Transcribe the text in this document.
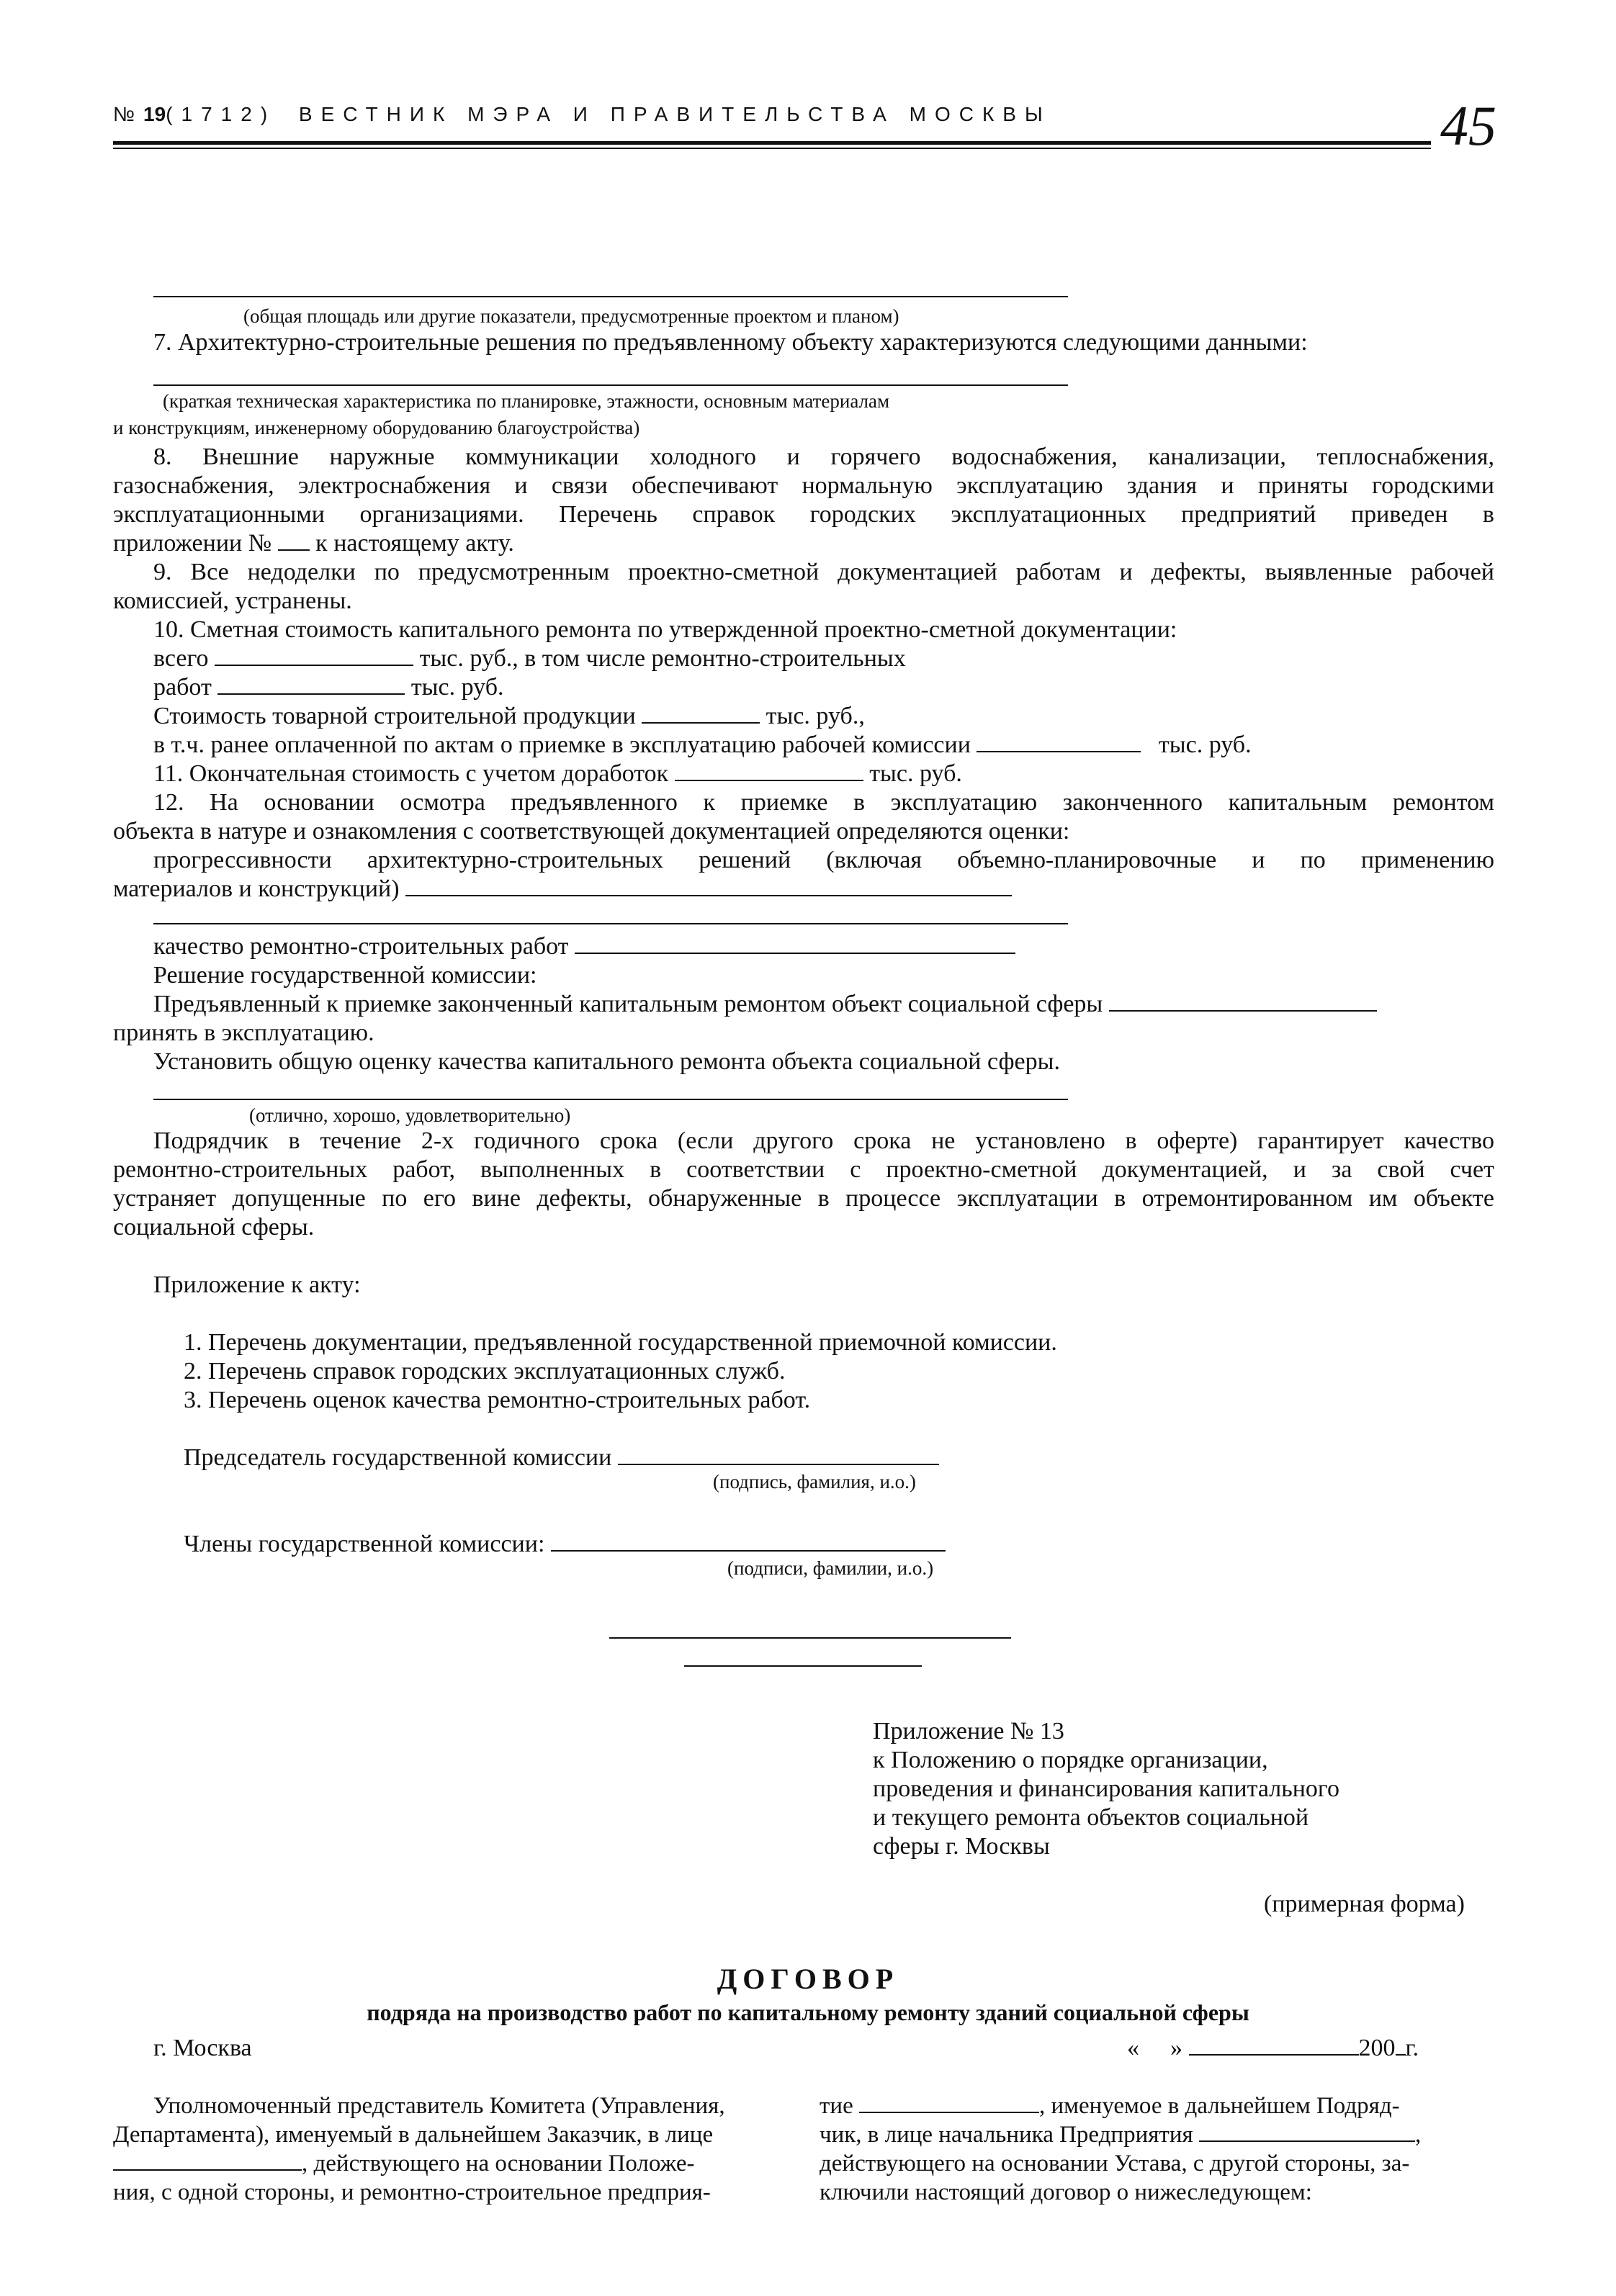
№19(1712) ВЕСТНИК МЭРА И ПРАВИТЕЛЬСТВА МОСКВЫ	45
(общая площадь или другие показатели, предусмотренные проектом и планом)
7. Архитектурно-строительные решения по предъявленному объекту характеризуются следующими данными:
(краткая техническая характеристика по планировке, этажности, основным материалам
и конструкциям, инженерному оборудованию благоустройства)
8. Внешние наружные коммуникации холодного и горячего водоснабжения, канализации, теплоснабжения,
газоснабжения, электроснабжения и связи обеспечивают нормальную эксплуатацию здания и приняты городскими
эксплуатационными организациями. Перечень справок городских эксплуатационных предприятий приведен в
приложении № к настоящему акту.
9. Все недоделки по предусмотренным проектно-сметной документацией работам и дефекты, выявленные рабочей
комиссией, устранены.
10. Сметная стоимость капитального ремонта по утвержденной проектно-сметной документации:
всего	тыс. руб., в том числе ремонтно-строительных
работ	тыс. руб.
Стоимость товарной строительной продукции	тыс. руб.,
в т.ч. ранее оплаченной по актам о приемке в эксплуатацию рабочей комиссии	тыс. руб.
11. Окончательная стоимость с учетом доработок	тыс. руб.
12. На основании осмотра предъявленного к приемке в эксплуатацию законченного капитальным ремонтом
объекта в натуре и ознакомления с соответствующей документацией определяются оценки:
прогрессивности архитектурно-строительных решений (включая объемно-планировочные и по применению
материалов и конструкций)
качество ремонтно-строительных работ
Решение государственной комиссии:
Предъявленный к приемке законченный капитальным ремонтом объект социальной сферы
принять в эксплуатацию.
Установить общую оценку качества капитального ремонта объекта социальной сферы.
(отлично, хорошо, удовлетворительно)
Подрядчик в течение 2-х годичного срока (если другого срока не установлено в оферте) гарантирует качество
ремонтно-строительных работ, выполненных в соответствии с проектно-сметной документацией, и за свой счет
устраняет допущенные по его вине дефекты, обнаруженные в процессе эксплуатации в отремонтированном им объекте
социальной сферы.
Приложение к акту:
1. Перечень документации, предъявленной государственной приемочной комиссии.
2. Перечень справок городских эксплуатационных служб.
3. Перечень оценок качества ремонтно-строительных работ.
Председатель государственной комиссии
(подпись, фамилия, и.о.)
Члены государственной комиссии:
(подписи, фамилии, и.о.)
Приложение № 13
к Положению о порядке организации,
проведения и финансирования капитального
и текущего ремонта объектов социальной
сферы г. Москвы
(примерная форма)
ДОГОВОР
подряда на производство работ по капитальному ремонту зданий социальной сферы
г. Москва	« »	200 г.
Уполномоченный представитель Комитета (Управления,
Департамента), именуемый в дальнейшем Заказчик, в лице
, действующего на основании Положе-
ния, с одной стороны, и ремонтно-строительное предприя-
тие	, именуемое в дальнейшем Подряд-
чик, в лице начальника Предприятия	,
действующего на основании Устава, с другой стороны, за-
ключили настоящий договор о нижеследующем:
